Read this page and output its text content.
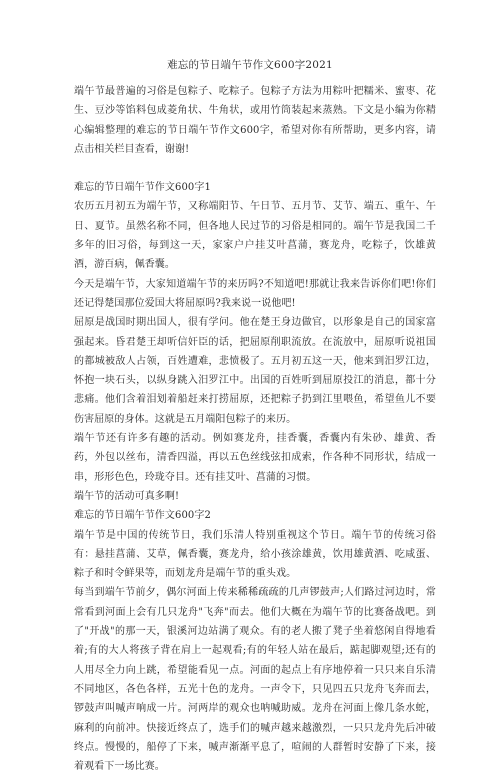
难忘的节日端午节作文600字2021

端午节最普遍的习俗是包粽子、吃粽子。包粽子方法为用粽叶把糯米、蜜枣、花生、豆沙等馅料包成菱角状、牛角状，或用竹筒装起来蒸熟。下文是小编为你精心编辑整理的难忘的节日端午节作文600字，希望对你有所帮助，更多内容，请点击相关栏目查看，谢谢!

难忘的节日端午节作文600字1

农历五月初五为端午节，又称端阳节、午日节、五月节、艾节、端五、重午、午日、夏节。虽然名称不同，但各地人民过节的习俗是相同的。端午节是我国二千多年的旧习俗，每到这一天，家家户户挂艾叶菖蒲，赛龙舟，吃粽子，饮雄黄酒，游百病，佩香囊。

今天是端午节，大家知道端午节的来历吗?不知道吧!那就让我来告诉你们吧!你们还记得楚国那位爱国大将屈原吗?我来说一说他吧!

屈原是战国时期出国人，很有学问。他在楚王身边做官，以形象是自己的国家富强起来。昏君楚王却听信奸臣的话，把屈原削职流放。在流放中，屈原听说祖国的都城被敌人占领，百姓遭难，悲愤极了。五月初五这一天，他来到汨罗江边，怀抱一块石头，以纵身跳入汨罗江中。出国的百姓听到屈原投江的消息，都十分悲痛。他们含着泪划着船赶来打捞屈原，还把粽子扔到江里喂鱼，希望鱼儿不要伤害屈原的身体。这就是五月端阳包粽子的来历。

端午节还有许多有趣的活动。例如赛龙舟，挂香囊，香囊内有朱砂、雄黄、香药，外包以丝布，清香四溢，再以五色丝线弦扣成索，作各种不同形状，结成一串，形形色色，玲珑夺目。还有挂艾叶、菖蒲的习惯。

端午节的活动可真多啊!

难忘的节日端午节作文600字2

端午节是中国的传统节日，我们乐清人特别重视这个节日。端午节的传统习俗有：悬挂菖蒲、艾草，佩香囊，赛龙舟，给小孩涂雄黄，饮用雄黄酒、吃咸蛋、粽子和时令鲜果等，而划龙舟是端午节的重头戏。

每当到端午节前夕，偶尔河面上传来稀稀疏疏的几声锣鼓声;人们路过河边时，常常看到河面上会有几只龙舟"飞奔"而去。他们大概在为端午节的比赛备战吧。到了"开战"的那一天，银溪河边站满了观众。有的老人搬了凳子坐着悠闲自得地看着;有的大人将孩子背在肩上一起观看;有的年轻人站在最后，踮起脚观望;还有的人用尽全力向上跳，希望能看见一点。河面的起点上有序地停着一只只来自乐清不同地区，各色各样，五光十色的龙舟。一声令下，只见四五只龙舟飞奔而去，锣鼓声叫喊声响成一片。河两岸的观众也呐喊助威。龙舟在河面上像几条水蛇，麻利的向前冲。快接近终点了，选手们的喊声越来越激烈，一只只龙舟先后冲破终点。慢慢的，船停了下来，喊声渐渐平息了，喧闹的人群暂时安静了下来，接着观看下一场比赛。
